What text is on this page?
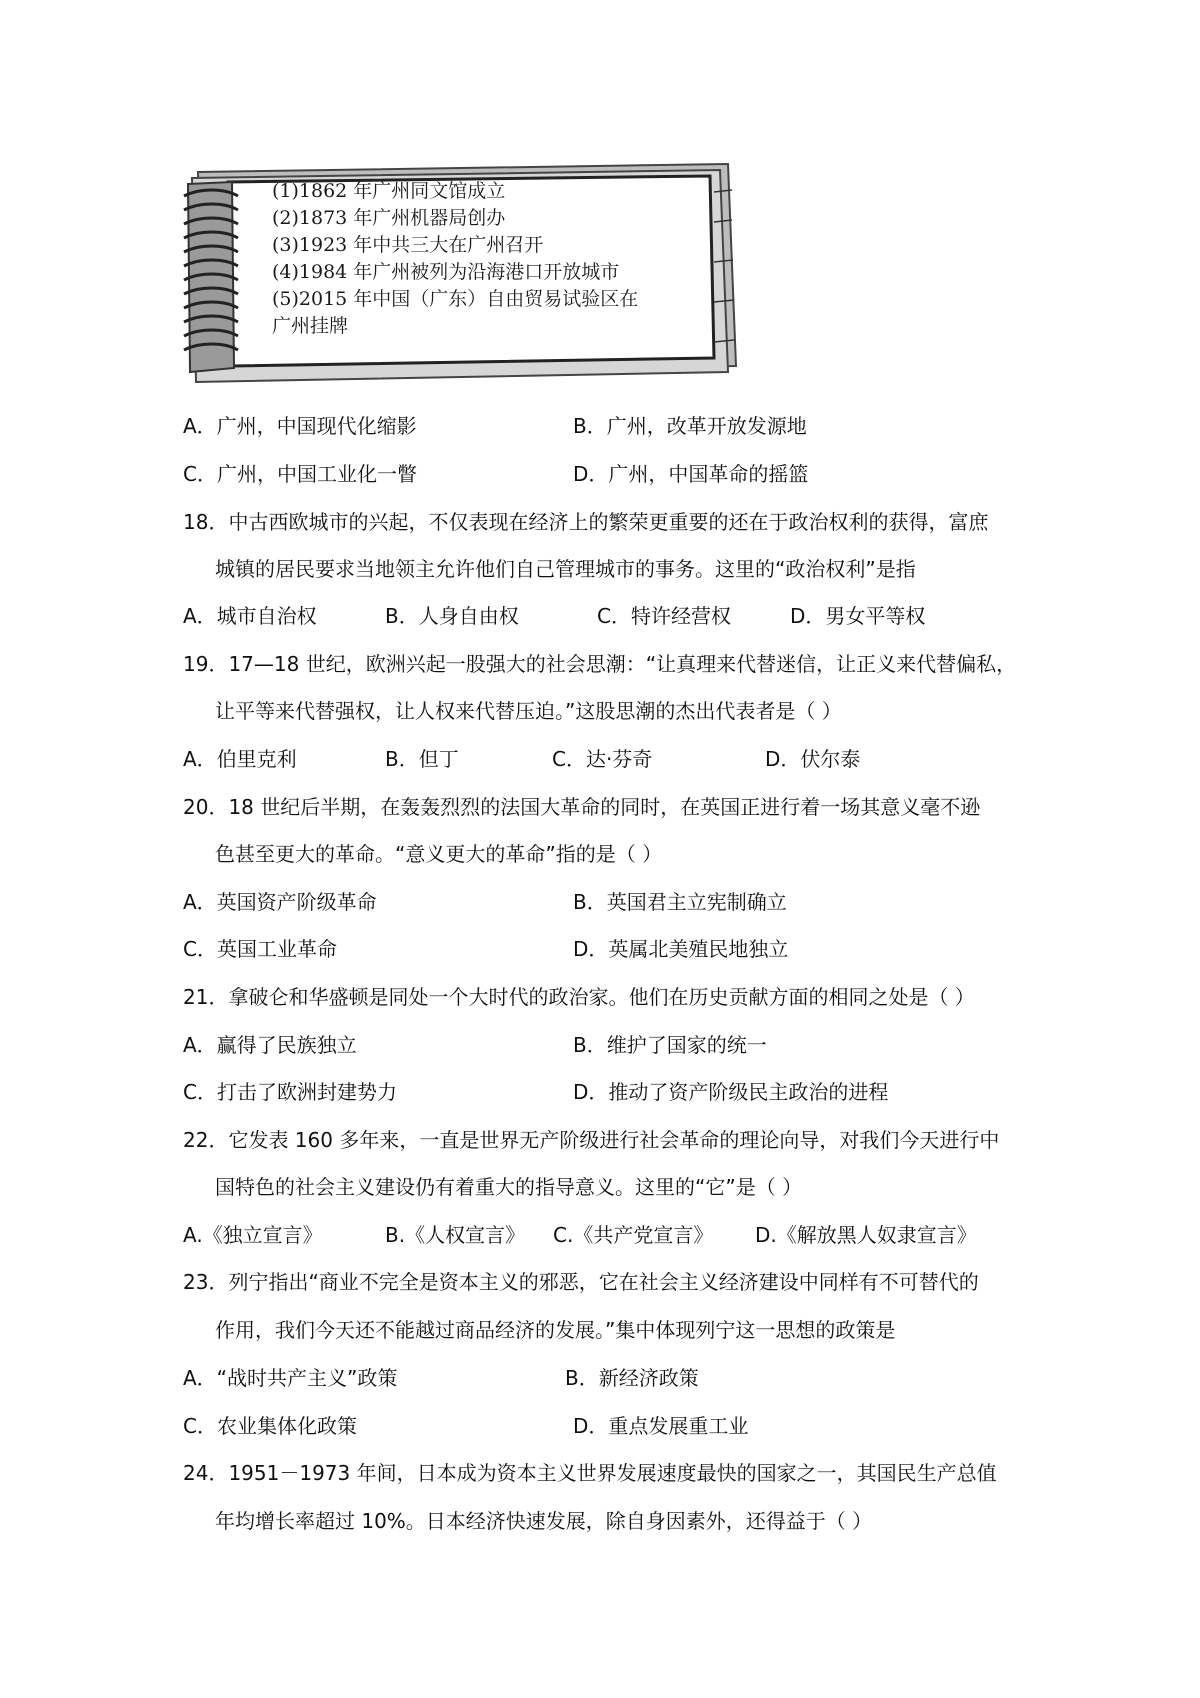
(1)1862 年广州同文馆成立
(2)1873 年广州机器局创办
(3)1923 年中共三大在广州召开
(4)1984 年广州被列为沿海港口开放城市
(5)2015 年中国（广东）自由贸易试验区在
广州挂牌
A．广州，中国现代化缩影	B．广州，改革开放发源地
C．广州，中国工业化一瞥	D．广州，中国革命的摇篮
18．中古西欧城市的兴起，不仅表现在经济上的繁荣更重要的还在于政治权利的获得，富庶
城镇的居民要求当地领主允许他们自己管理城市的事务。这里的“政治权利”是指
A．城市自治权	B．人身自由权	C．特许经营权	D．男女平等权
19．17—18 世纪，欧洲兴起一股强大的社会思潮：“让真理来代替迷信，让正义来代替偏私，
让平等来代替强权，让人权来代替压迫。”这股思潮的杰出代表者是（ ）
A．伯里克利	B．但丁	C．达·芬奇	D．伏尔泰
20．18 世纪后半期，在轰轰烈烈的法国大革命的同时，在英国正进行着一场其意义毫不逊
色甚至更大的革命。“意义更大的革命”指的是（ ）
A．英国资产阶级革命	B．英国君主立宪制确立
C．英国工业革命	D．英属北美殖民地独立
21．拿破仑和华盛顿是同处一个大时代的政治家。他们在历史贡献方面的相同之处是（ ）
A．赢得了民族独立	B．维护了国家的统一
C．打击了欧洲封建势力	D．推动了资产阶级民主政治的进程
22．它发表 160 多年来，一直是世界无产阶级进行社会革命的理论向导，对我们今天进行中
国特色的社会主义建设仍有着重大的指导意义。这里的“它”是（ ）
A.《独立宣言》	B.《人权宣言》 C.《共产党宣言》 D.《解放黑人奴隶宣言》
23．列宁指出“商业不完全是资本主义的邪恶，它在社会主义经济建设中同样有不可替代的
作用，我们今天还不能越过商品经济的发展。”集中体现列宁这一思想的政策是
A．“战时共产主义”政策	B．新经济政策
C．农业集体化政策	D．重点发展重工业
24．1951－1973 年间，日本成为资本主义世界发展速度最快的国家之一，其国民生产总值
年均增长率超过 10%。日本经济快速发展，除自身因素外，还得益于（ ）
